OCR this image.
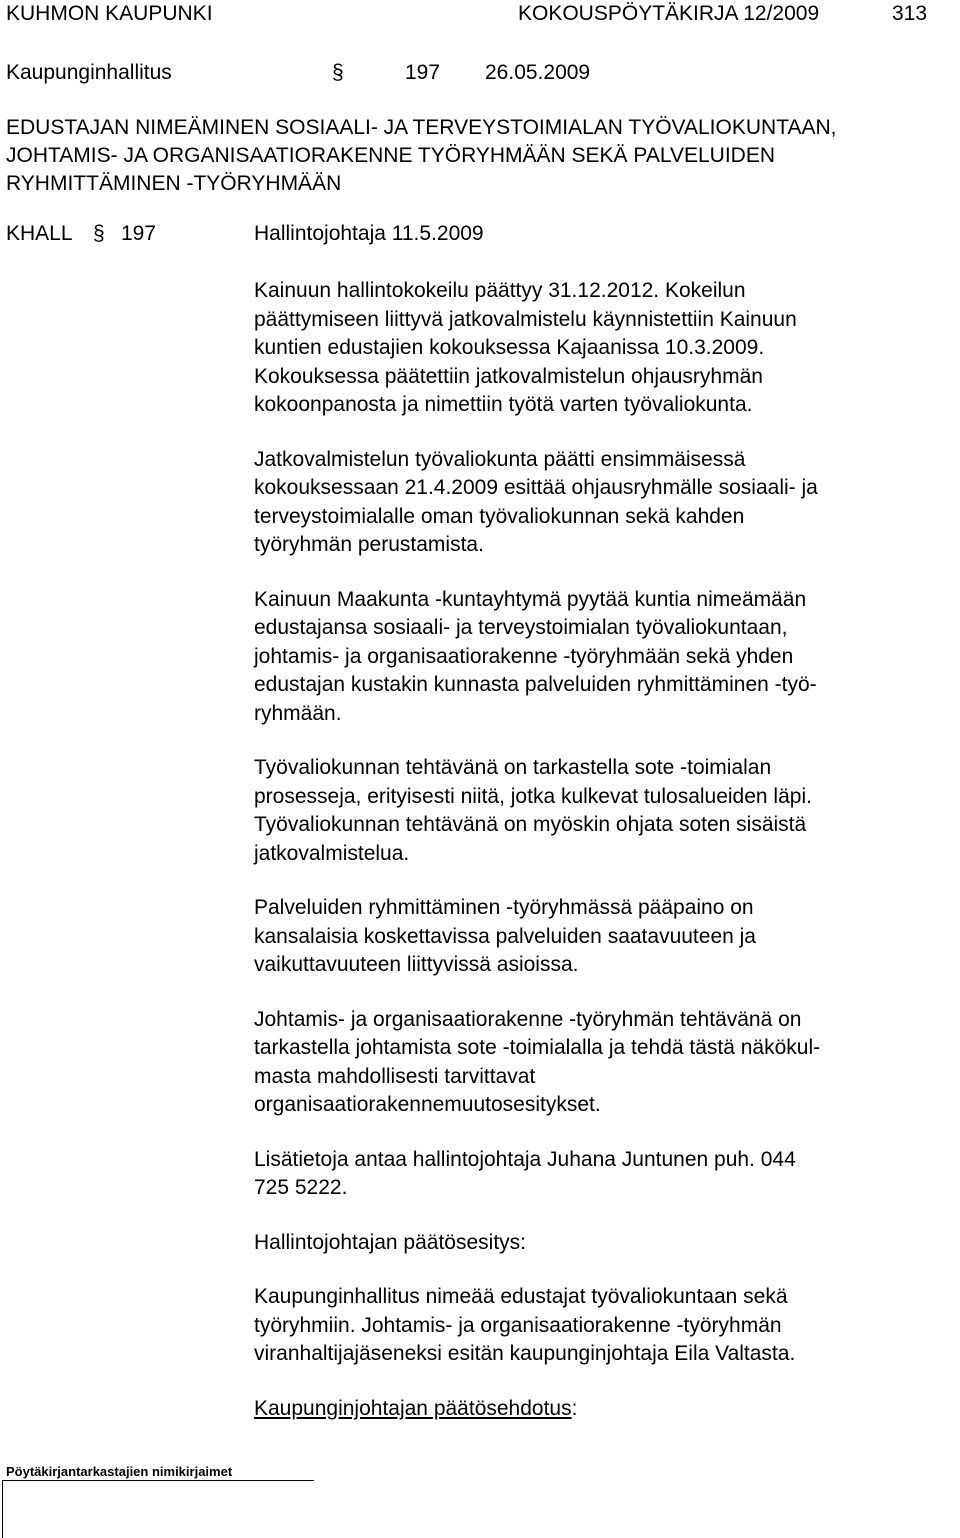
KUHMON KAUPUNKI	KOKOUSPÖYTÄKIRJA 12/2009	313
Kaupunginhallitus	§	197 26.05.2009
EDUSTAJAN NIMEÄMINEN SOSIAALI- JA TERVEYSTOIMIALAN TYÖVALIOKUNTAAN,
JOHTAMIS- JA ORGANISAATIORAKENNE TYÖRYHMÄÄN SEKÄ PALVELUIDEN
RYHMITTÄMINEN -TYÖRYHMÄÄN
KHALL § 197	Hallintojohtaja 11.5.2009

Kainuun hallintokokeilu päättyy 31.12.2012. Kokeilun
päättymiseen liittyvä jatkovalmistelu käynnistettiin Kainuun
kuntien edustajien kokouksessa Kajaanissa 10.3.2009.
Kokouksessa päätettiin jatkovalmistelun ohjausryhmän
kokoonpanosta ja nimettiin työtä varten työvaliokunta.

Jatkovalmistelun työvaliokunta päätti ensimmäisessä
kokouksessaan 21.4.2009 esittää ohjausryhmälle sosiaali- ja
terveystoimialalle oman työvaliokunnan sekä kahden
työryhmän perustamista.

Kainuun Maakunta -kuntayhtymä pyytää kuntia nimeämään
edustajansa sosiaali- ja terveystoimialan työvaliokuntaan,
johtamis- ja organisaatiorakenne -työryhmään sekä yhden
edustajan kustakin kunnasta palveluiden ryhmittäminen -työ-
ryhmään.

Työvaliokunnan tehtävänä on tarkastella sote -toimialan
prosesseja, erityisesti niitä, jotka kulkevat tulosalueiden läpi.
Työvaliokunnan tehtävänä on myöskin ohjata soten sisäistä
jatkovalmistelua.

Palveluiden ryhmittäminen -työryhmässä pääpaino on
kansalaisia koskettavissa palveluiden saatavuuteen ja
vaikuttavuuteen liittyvissä asioissa.

Johtamis- ja organisaatiorakenne -työryhmän tehtävänä on
tarkastella johtamista sote -toimialalla ja tehdä tästä näkökul-
masta mahdollisesti tarvittavat
organisaatiorakennemuutosesitykset.

Lisätietoja antaa hallintojohtaja Juhana Juntunen puh. 044
725 5222.

Hallintojohtajan päätösesitys:

Kaupunginhallitus nimeää edustajat työvaliokuntaan sekä
työryhmiin. Johtamis- ja organisaatiorakenne -työryhmän
viranhaltijajäseneksi esitän kaupunginjohtaja Eila Valtasta.

Kaupunginjohtajan päätösehdotus:

Pöytäkirjantarkastajien nimikirjaimet
